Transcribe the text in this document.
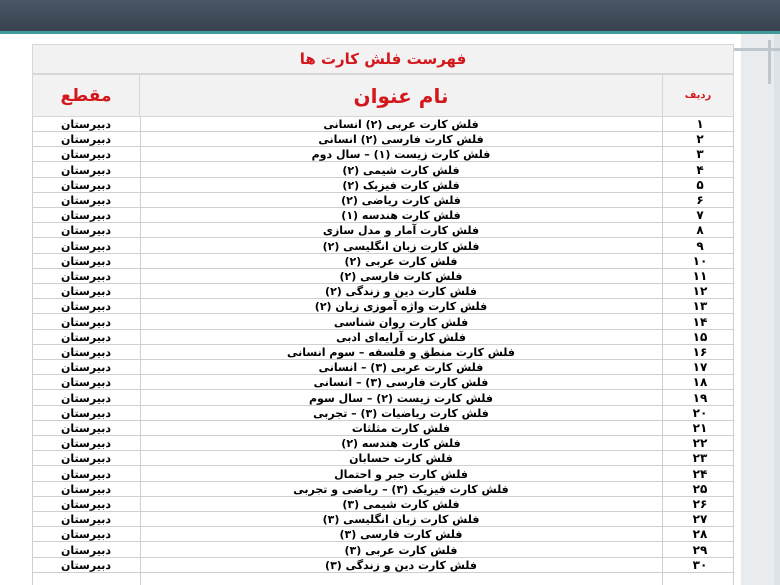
فهرست فلش کارت ها
مقطع	نام عنوان	ردیف
دبیرستان	فلش کارت عربی (۲) انسانی	۱
دبیرستان	فلش کارت فارسی (۲) انسانی	۲
دبیرستان	فلش کارت زیست (۱) – سال دوم	۳
دبیرستان	فلش کارت شیمی (۲)	۴
دبیرستان	فلش کارت فیزیک (۲)	۵
دبیرستان	فلش کارت ریاضی (۲)	۶
دبیرستان	فلش کارت هندسه (۱)	۷
دبیرستان	فلش کارت آمار و مدل سازی	۸
دبیرستان	فلش کارت زبان انگلیسی (۲)	۹
دبیرستان	فلش کارت عربی (۲)	۱۰
دبیرستان	فلش کارت فارسی (۲)	۱۱
دبیرستان	فلش کارت دین و زندگی (۲)	۱۲
دبیرستان	فلش کارت واژه آموزی زبان (۲)	۱۳
دبیرستان	فلش کارت روان شناسی	۱۴
دبیرستان	فلش کارت آرایه‌ای ادبی	۱۵
دبیرستان	فلش کارت منطق و فلسفه – سوم انسانی	۱۶
دبیرستان	فلش کارت عربی (۳) – انسانی	۱۷
دبیرستان	فلش کارت فارسی (۳) – انسانی	۱۸
دبیرستان	فلش کارت زیست (۲) – سال سوم	۱۹
دبیرستان	فلش کارت ریاضیات (۳) – تجربی	۲۰
دبیرستان	فلش کارت مثلثات	۲۱
دبیرستان	فلش کارت هندسه (۲)	۲۲
دبیرستان	فلش کارت حسابان	۲۳
دبیرستان	فلش کارت جبر و احتمال	۲۴
دبیرستان	فلش کارت فیزیک (۳) – ریاضی و تجربی	۲۵
دبیرستان	فلش کارت شیمی (۳)	۲۶
دبیرستان	فلش کارت زبان انگلیسی (۳)	۲۷
دبیرستان	فلش کارت فارسی (۳)	۲۸
دبیرستان	فلش کارت عربی (۳)	۲۹
دبیرستان	فلش کارت دین و زندگی (۳)	۳۰
